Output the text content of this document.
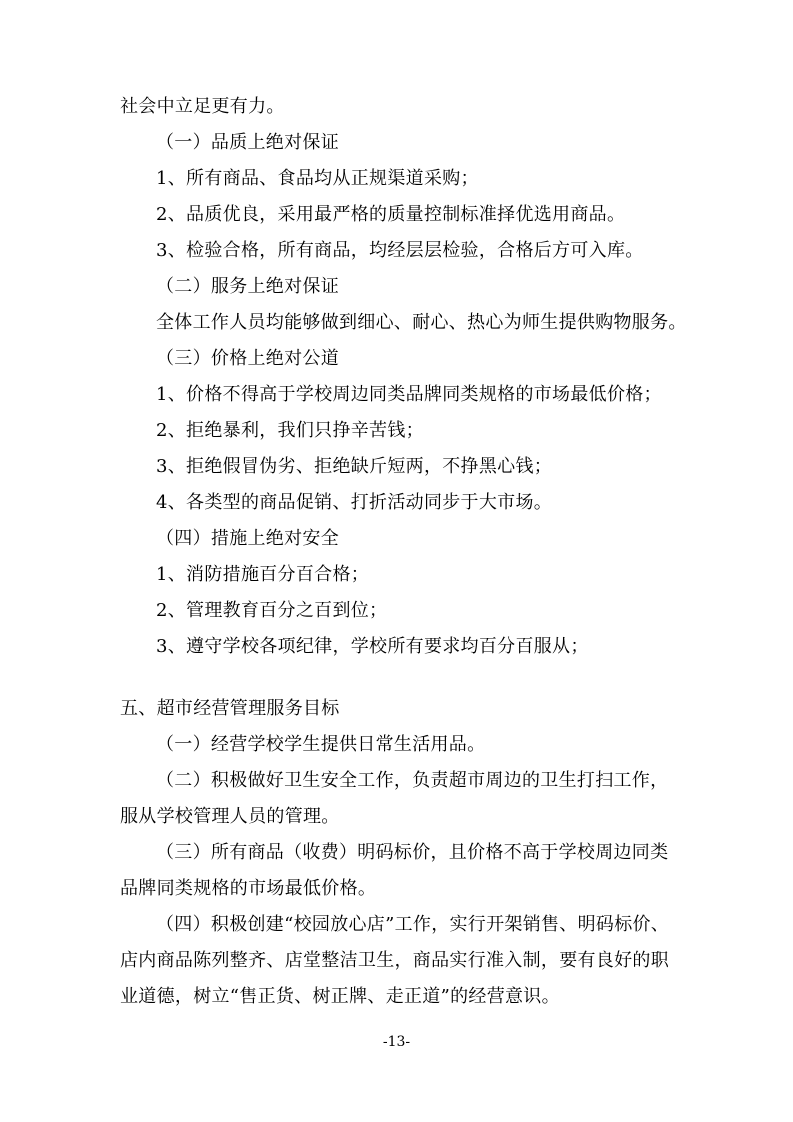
社会中立足更有力。
（一）品质上绝对保证
1、所有商品、食品均从正规渠道采购；
2、品质优良，采用最严格的质量控制标准择优选用商品。
3、检验合格，所有商品，均经层层检验，合格后方可入库。
（二）服务上绝对保证
全体工作人员均能够做到细心、耐心、热心为师生提供购物服务。
（三）价格上绝对公道
1、价格不得高于学校周边同类品牌同类规格的市场最低价格；
2、拒绝暴利，我们只挣辛苦钱；
3、拒绝假冒伪劣、拒绝缺斤短两，不挣黑心钱；
4、各类型的商品促销、打折活动同步于大市场。
（四）措施上绝对安全
1、消防措施百分百合格；
2、管理教育百分之百到位；
3、遵守学校各项纪律，学校所有要求均百分百服从；
五、超市经营管理服务目标
（一）经营学校学生提供日常生活用品。
（二）积极做好卫生安全工作，负责超市周边的卫生打扫工作，
服从学校管理人员的管理。
（三）所有商品（收费）明码标价，且价格不高于学校周边同类
品牌同类规格的市场最低价格。
（四）积极创建“校园放心店”工作，实行开架销售、明码标价、
店内商品陈列整齐、店堂整洁卫生，商品实行准入制，要有良好的职
业道德，树立“售正货、树正牌、走正道”的经营意识。
-13-
